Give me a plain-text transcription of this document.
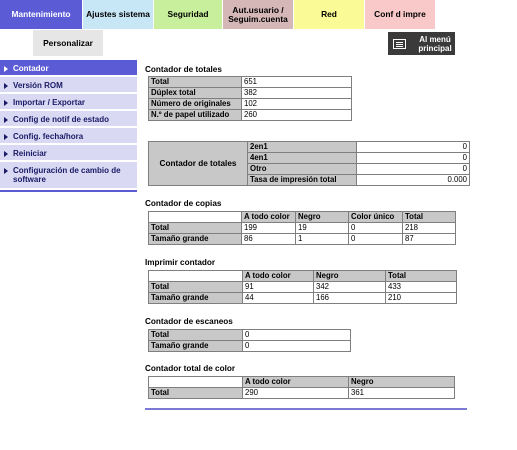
Mantenimiento Ajustes sistema Seguridad	Aut.usuario / Seguim.cuenta	Red	Conf d impre
Personalizar	Al menú principal
Contador
Versión ROM
Importar / Exportar
Config de notif de estado
Config. fecha/hora
Reiniciar
Configuración de cambio de software
Contador de totales
Total	651
Dúplex total	382
Número de originales	102
N.º de papel utilizado	260
Contador de totales	2en1	0
	4en1	0
	Otro	0
	Tasa de impresión total	0.000
Contador de copias
	A todo color	Negro	Color único	Total
Total	199	19	0	218
Tamaño grande	86	1	0	87
Imprimir contador
	A todo color	Negro	Total
Total	91	342	433
Tamaño grande	44	166	210
Contador de escaneos
Total	0
Tamaño grande	0
Contador total de color
	A todo color	Negro
Total	290	361
